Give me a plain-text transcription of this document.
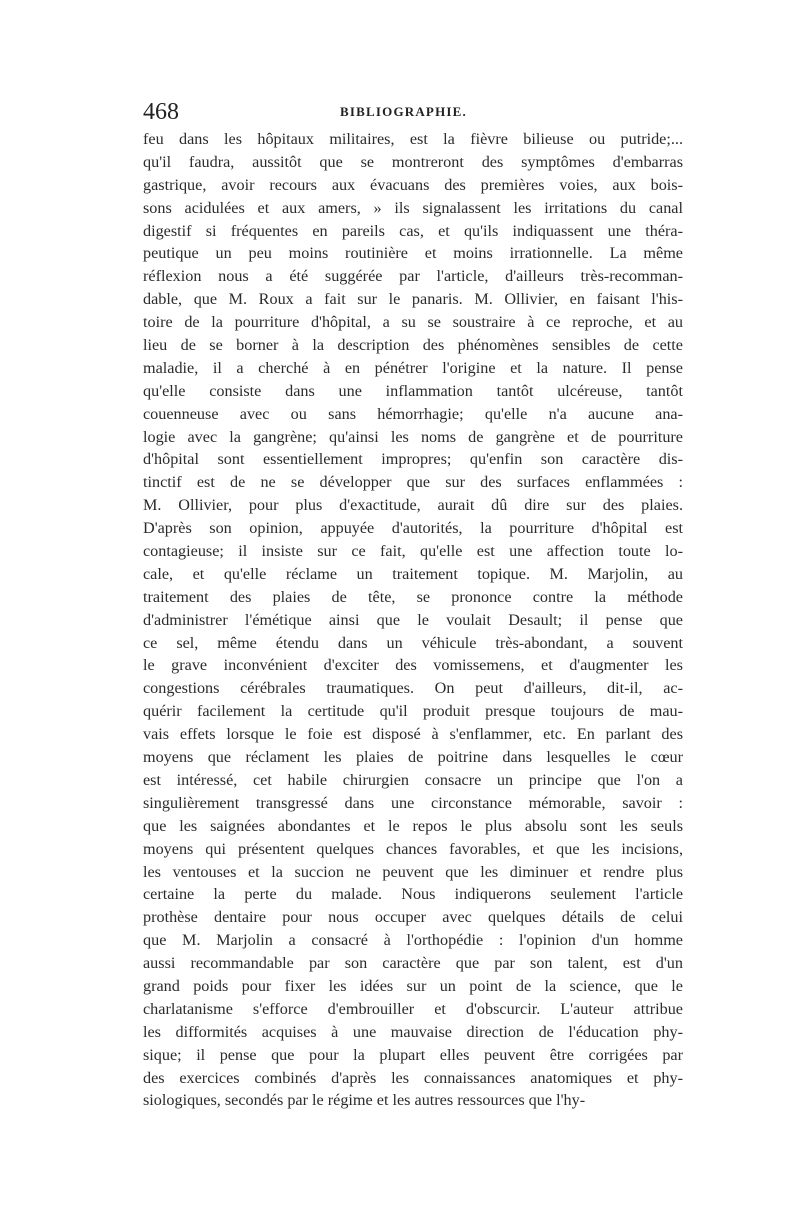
468	BIBLIOGRAPHIE.
feu dans les hôpitaux militaires, est la fièvre bilieuse ou putride;...
qu'il faudra, aussitôt que se montreront des symptômes d'embarras
gastrique, avoir recours aux évacuans des premières voies, aux bois-
sons acidulées et aux amers, » ils signalassent les irritations du canal
digestif si fréquentes en pareils cas, et qu'ils indiquassent une théra-
peutique un peu moins routinière et moins irrationnelle. La même
réflexion nous a été suggérée par l'article, d'ailleurs très-recomman-
dable, que M. Roux a fait sur le panaris. M. Ollivier, en faisant l'his-
toire de la pourriture d'hôpital, a su se soustraire à ce reproche, et au
lieu de se borner à la description des phénomènes sensibles de cette
maladie, il a cherché à en pénétrer l'origine et la nature. Il pense
qu'elle consiste dans une inflammation tantôt ulcéreuse, tantôt
couenneuse avec ou sans hémorrhagie; qu'elle n'a aucune ana-
logie avec la gangrène; qu'ainsi les noms de gangrène et de pourriture
d'hôpital sont essentiellement impropres; qu'enfin son caractère dis-
tinctif est de ne se développer que sur des surfaces enflammées :
M. Ollivier, pour plus d'exactitude, aurait dû dire sur des plaies.
D'après son opinion, appuyée d'autorités, la pourriture d'hôpital est
contagieuse; il insiste sur ce fait, qu'elle est une affection toute lo-
cale, et qu'elle réclame un traitement topique. M. Marjolin, au
traitement des plaies de tête, se prononce contre la méthode
d'administrer l'émétique ainsi que le voulait Desault; il pense que
ce sel, même étendu dans un véhicule très-abondant, a souvent
le grave inconvénient d'exciter des vomissemens, et d'augmenter les
congestions cérébrales traumatiques. On peut d'ailleurs, dit-il, ac-
quérir facilement la certitude qu'il produit presque toujours de mau-
vais effets lorsque le foie est disposé à s'enflammer, etc. En parlant des
moyens que réclament les plaies de poitrine dans lesquelles le cœur
est intéressé, cet habile chirurgien consacre un principe que l'on a
singulièrement transgressé dans une circonstance mémorable, savoir :
que les saignées abondantes et le repos le plus absolu sont les seuls
moyens qui présentent quelques chances favorables, et que les incisions,
les ventouses et la succion ne peuvent que les diminuer et rendre plus
certaine la perte du malade. Nous indiquerons seulement l'article
prothèse dentaire pour nous occuper avec quelques détails de celui
que M. Marjolin a consacré à l'orthopédie : l'opinion d'un homme
aussi recommandable par son caractère que par son talent, est d'un
grand poids pour fixer les idées sur un point de la science, que le
charlatanisme s'efforce d'embrouiller et d'obscurcir. L'auteur attribue
les difformités acquises à une mauvaise direction de l'éducation phy-
sique; il pense que pour la plupart elles peuvent être corrigées par
des exercices combinés d'après les connaissances anatomiques et phy-
siologiques, secondés par le régime et les autres ressources que l'hy-
